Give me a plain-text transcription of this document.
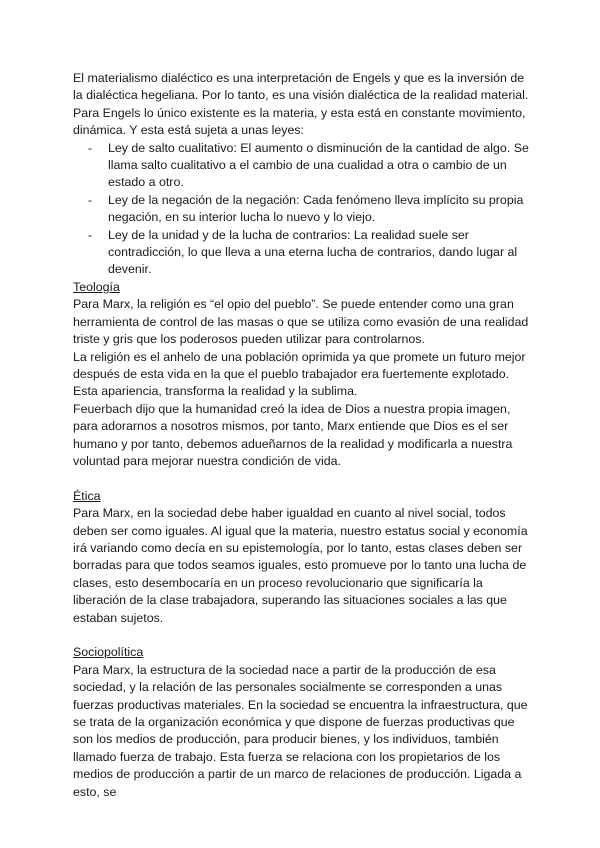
El materialismo dialéctico es una interpretación de Engels y que es la inversión de la dialéctica hegeliana. Por lo tanto, es una visión dialéctica de la realidad material.

Para Engels lo único existente es la materia, y esta está en constante movimiento, dinámica. Y esta está sujeta a unas leyes:

- Ley de salto cualitativo: El aumento o disminución de la cantidad de algo. Se llama salto cualitativo a el cambio de una cualidad a otra o cambio de un estado a otro.
- Ley de la negación de la negación: Cada fenómeno lleva implícito su propia negación, en su interior lucha lo nuevo y lo viejo.
- Ley de la unidad y de la lucha de contrarios: La realidad suele ser contradicción, lo que lleva a una eterna lucha de contrarios, dando lugar al devenir.

Teología

Para Marx, la religión es “el opio del pueblo”. Se puede entender como una gran herramienta de control de las masas o que se utiliza como evasión de una realidad triste y gris que los poderosos pueden utilizar para controlarnos.

La religión es el anhelo de una población oprimida ya que promete un futuro mejor después de esta vida en la que el pueblo trabajador era fuertemente explotado.

Esta apariencia, transforma la realidad y la sublima.

Feuerbach dijo que la humanidad creó la idea de Dios a nuestra propia imagen, para adorarnos a nosotros mismos, por tanto, Marx entiende que Dios es el ser humano y por tanto, debemos adueñarnos de la realidad y modificarla a nuestra voluntad para mejorar nuestra condición de vida.

Ética

Para Marx, en la sociedad debe haber igualdad en cuanto al nivel social, todos deben ser como iguales. Al igual que la materia, nuestro estatus social y economía irá variando como decía en su epistemología, por lo tanto, estas clases deben ser borradas para que todos seamos iguales, esto promueve por lo tanto una lucha de clases, esto desembocaría en un proceso revolucionario que significaría la liberación de la clase trabajadora, superando las situaciones sociales a las que estaban sujetos.

Sociopolítica

Para Marx, la estructura de la sociedad nace a partir de la producción de esa sociedad, y la relación de las personales socialmente se corresponden a unas fuerzas productivas materiales. En la sociedad se encuentra la infraestructura, que se trata de la organización económica y que dispone de fuerzas productivas que son los medios de producción, para producir bienes, y los individuos, también llamado fuerza de trabajo. Esta fuerza se relaciona con los propietarios de los medios de producción a partir de un marco de relaciones de producción. Ligada a esto, se
